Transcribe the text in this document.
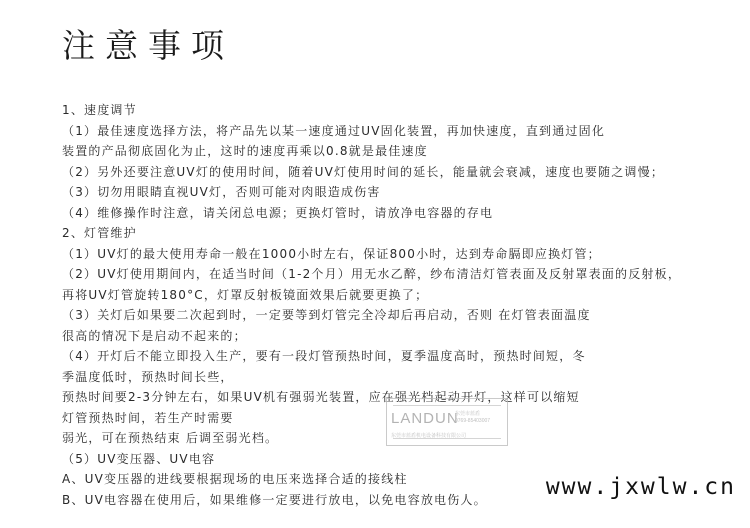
注意事项
1、速度调节
（1）最佳速度选择方法，将产品先以某一速度通过UV固化装置，再加快速度，直到通过固化
装置的产品彻底固化为止，这时的速度再乘以0.8就是最佳速度
（2）另外还要注意UV灯的使用时间，随着UV灯使用时间的延长，能量就会衰减，速度也要随之调慢；
（3）切勿用眼睛直视UV灯，否则可能对肉眼造成伤害
（4）维修操作时注意，请关闭总电源；更换灯管时，请放净电容器的存电
2、灯管维护
（1）UV灯的最大使用寿命一般在1000小时左右，保证800小时，达到寿命膈即应换灯管；
（2）UV灯使用期间内，在适当时间（1-2个月）用无水乙醉，纱布清洁灯管表面及反射罩表面的反射板，
再将UV灯管旋转180°C，灯罩反射板镜面效果后就要更换了；
（3）关灯后如果要二次起到时，一定要等到灯管完全冷却后再启动，否则 在灯管表面温度
很高的情况下是启动不起来的；
（4）开灯后不能立即投入生产，要有一段灯管预热时间，夏季温度高时，预热时间短，冬
季温度低时，预热时间长些，
预热时间要2-3分钟左右，如果UV机有强弱光装置，应在强光档起动开灯，这样可以缩短
灯管预热时间，若生产时需要
弱光，可在预热结束 后调至弱光档。
（5）UV变压器、UV电容
A、UV变压器的进线要根据现场的电压来选择合适的接线柱
B、UV电容器在使用后，如果维修一定要进行放电，以免电容放电伤人。
LANDUN
东莞市蓝盾
0769-85403007
东莞市蓝盾机电设备科技有限公司
www.jxwlw.cn
